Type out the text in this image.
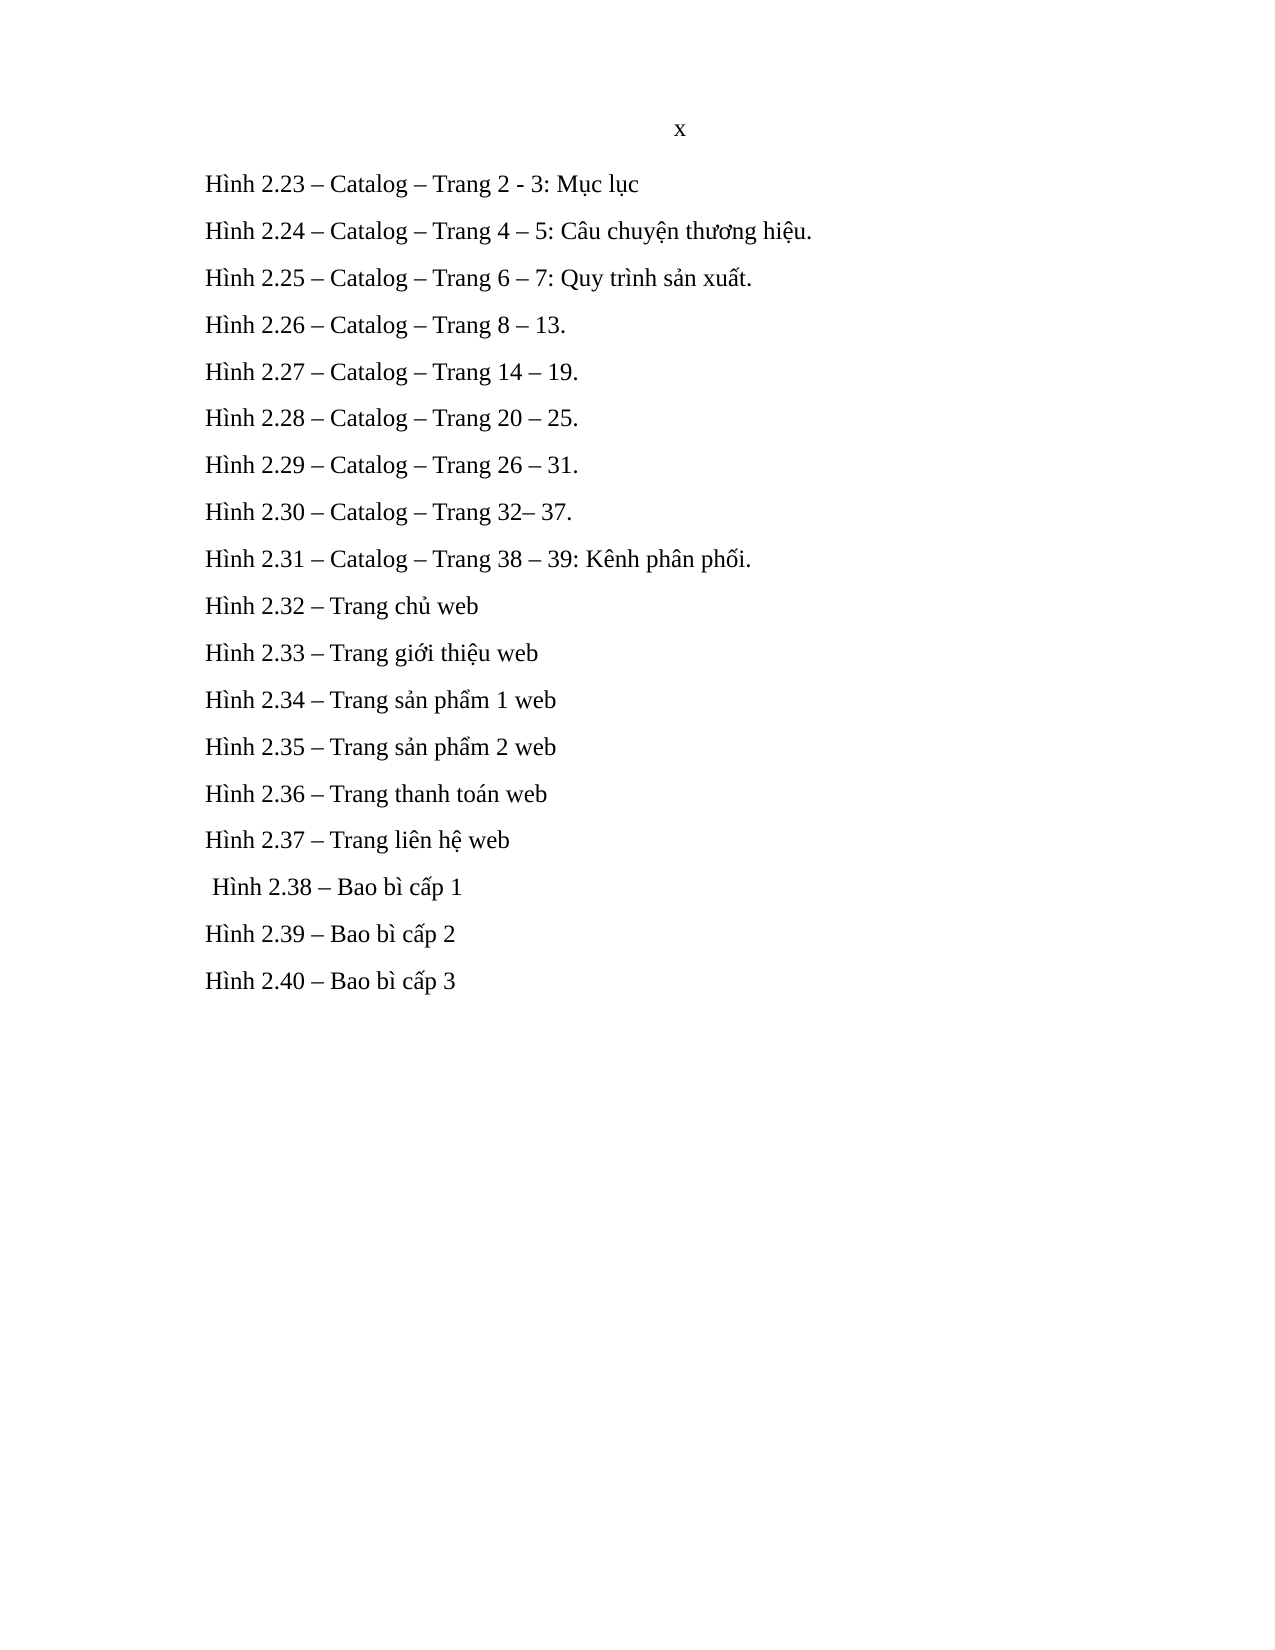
x
Hình 2.23 – Catalog – Trang 2 - 3: Mục lục
Hình 2.24 – Catalog – Trang 4 – 5: Câu chuyện thương hiệu.
Hình 2.25 – Catalog – Trang 6 – 7: Quy trình sản xuất.
Hình 2.26 – Catalog – Trang 8 – 13.
Hình 2.27 – Catalog – Trang 14 – 19.
Hình 2.28 – Catalog – Trang 20 – 25.
Hình 2.29 – Catalog – Trang 26 – 31.
Hình 2.30 – Catalog – Trang 32– 37.
Hình 2.31 – Catalog – Trang 38 – 39: Kênh phân phối.
Hình 2.32 – Trang chủ web
Hình 2.33 – Trang giới thiệu web
Hình 2.34 – Trang sản phẩm 1 web
Hình 2.35 – Trang sản phẩm 2 web
Hình 2.36 – Trang thanh toán web
Hình 2.37 – Trang liên hệ web
Hình 2.38 – Bao bì cấp 1
Hình 2.39 – Bao bì cấp 2
Hình 2.40 – Bao bì cấp 3
